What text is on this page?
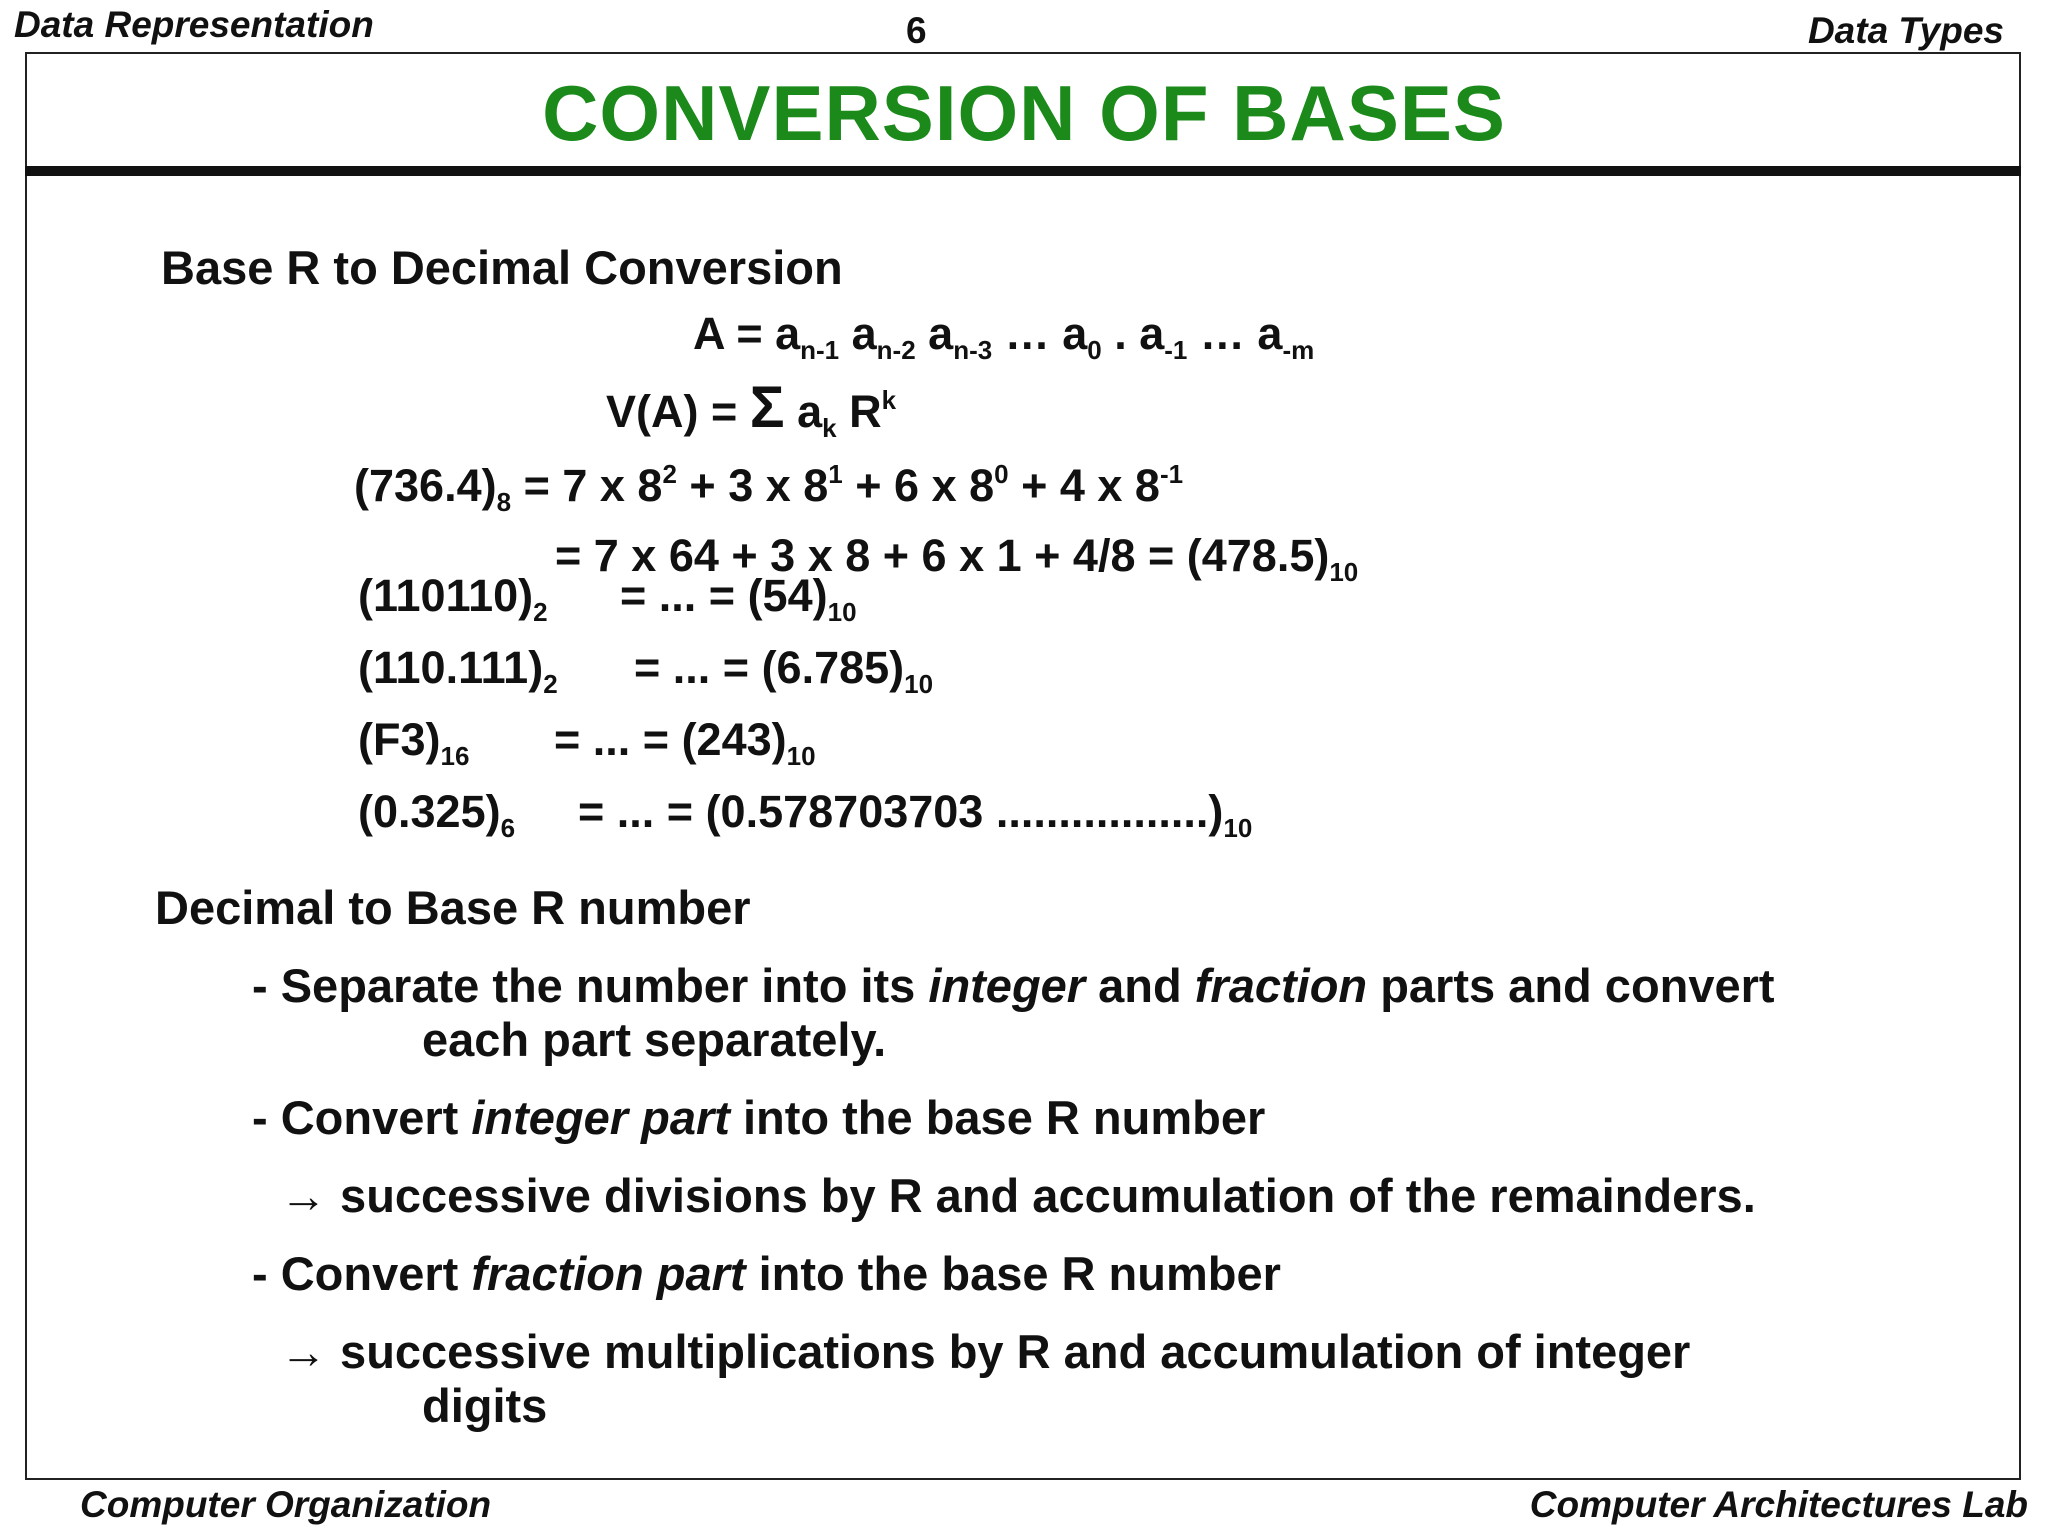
Data Representation	6	Data Types
CONVERSION OF BASES
Base R to Decimal Conversion
$A = a_{n-1}$ $a_{n-2}$ $a_{n-3}$ … $a_0$ . $a_{-1}$ … $a_{-m}$
V(A) = Σ $a_k$ $R^k$
$(736.4)_8 = 7$ x $8^2 + 3$ x $8^1 + 6$ x $8^0 + 4$ x $8^{-1}$
= 7 x 64 + 3 x 8 + 6 x $1 + 4/8 = (478.5)_{10}$
$(110110)_2$ = ... = $(54)_{10}$
$(110.111)_2$ = ... = $(6.785)_{10}$
$(F3)_{16}$ = ... = $(243)_{10}$
$(0.325)_6$ = ... = (0.578703703 $.................)_{10}$
Decimal to Base R number
- Separate the number into its integer and fraction parts and convert
each part separately.
- Convert integer part into the base R number
→ successive divisions by R and accumulation of the remainders.
- Convert fraction part into the base R number
→ successive multiplications by R and accumulation of integer
digits
Computer Organization	Computer Architectures Lab
